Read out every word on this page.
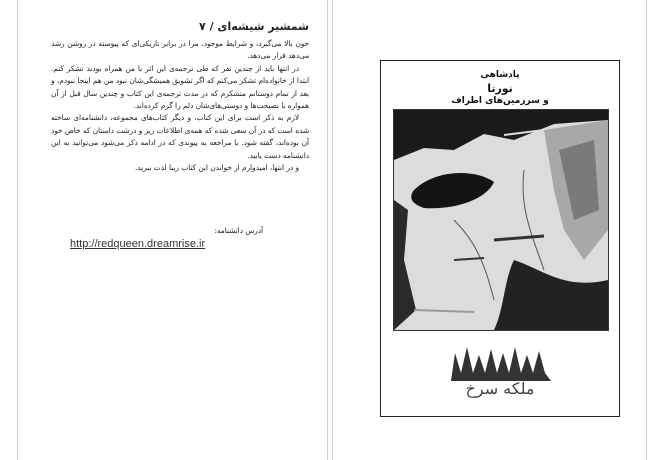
شمشیر شیشه‌ای / ۷

خون بالا می‌گیرد، و شرایط موجود، مرا در برابر تاریکی‌ای که پیوسته در روشن رشد می‌دهد قرار می‌دهد.

در انتها باید از چندین نفر که طی ترجمه‌ی این اثر با من همراه بودند تشکر کنم. ابتدا از خانواده‌ام تشکر می‌کنم که اگر تشویق همیشگی‌شان نبود من هم اینجا نبودم، و بعد از تمام دوستانم متشکرم که در مدت ترجمه‌ی این کتاب و چندین سال قبل از آن همواره با نصیحت‌ها و دوستی‌های‌شان دلم را گرم کرده‌اند.

لازم به ذکر است برای این کتاب، و دیگر کتاب‌های مجموعه، دانشنامه‌ای ساخته شده است که در آن سعی شده که همه‌ی اطلاعات ریز و درشت داستان که خاص خود آن بوده‌اند، گفته شود. با مراجعه به پیوندی که در ادامه ذکر می‌شود می‌توانید به این دانشنامه دست یابید.

و در انتها، امیدوارم از خواندن این کتاب زیبا لذت ببرید.

آدرس دانشنامه:
http://redqueen.dreamrise.ir
پادشاهی
نورتا
و سرزمین‌های اطراف
ملکه سرخ
